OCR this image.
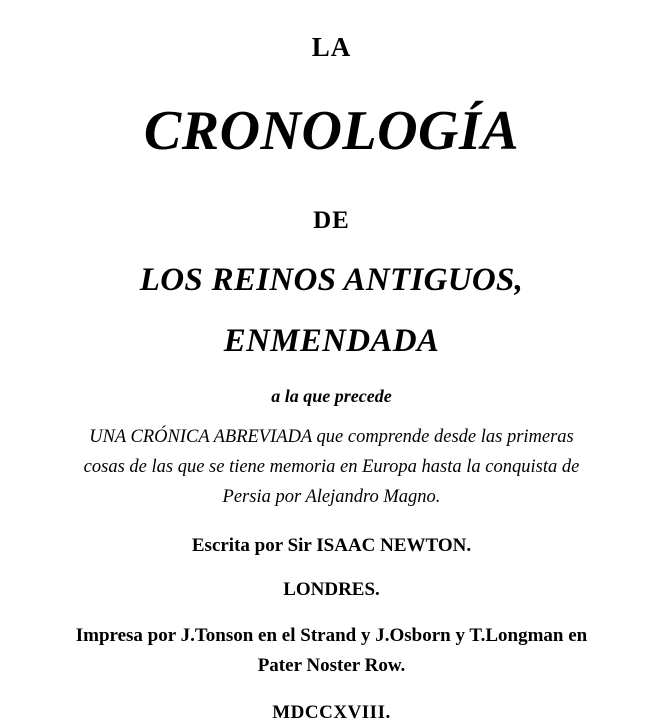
LA
CRONOLOGÍA
DE
LOS REINOS ANTIGUOS,
ENMENDADA
a la que precede
UNA CRÓNICA ABREVIADA que comprende desde las primeras cosas de las que se tiene memoria en Europa hasta la conquista de Persia por Alejandro Magno.
Escrita por Sir ISAAC NEWTON.
LONDRES.
Impresa por J.Tonson en el Strand y J.Osborn y T.Longman en Pater Noster Row.
MDCCXVIII.
